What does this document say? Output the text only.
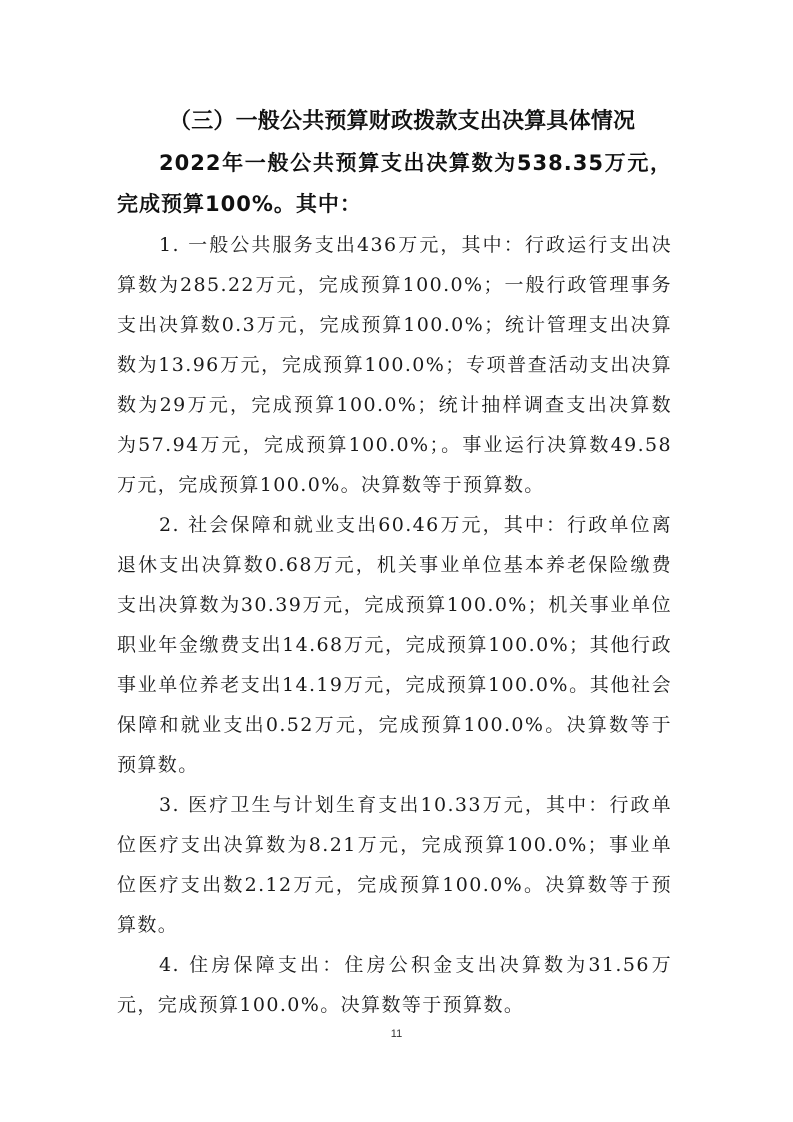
（三）一般公共预算财政拨款支出决算具体情况
2022年一般公共预算支出决算数为538.35万元，完成预算100%。其中：
1. 一般公共服务支出436万元，其中：行政运行支出决算数为285.22万元，完成预算100.0%；一般行政管理事务支出决算数0.3万元，完成预算100.0%；统计管理支出决算数为13.96万元，完成预算100.0%；专项普查活动支出决算数为29万元，完成预算100.0%；统计抽样调查支出决算数为57.94万元，完成预算100.0%；。事业运行决算数49.58万元，完成预算100.0%。决算数等于预算数。
2. 社会保障和就业支出60.46万元，其中：行政单位离退休支出决算数0.68万元，机关事业单位基本养老保险缴费支出决算数为30.39万元，完成预算100.0%；机关事业单位职业年金缴费支出14.68万元，完成预算100.0%；其他行政事业单位养老支出14.19万元，完成预算100.0%。其他社会保障和就业支出0.52万元，完成预算100.0%。决算数等于预算数。
3. 医疗卫生与计划生育支出10.33万元，其中：行政单位医疗支出决算数为8.21万元，完成预算100.0%；事业单位医疗支出数2.12万元，完成预算100.0%。决算数等于预算数。
4. 住房保障支出：住房公积金支出决算数为31.56万元，完成预算100.0%。决算数等于预算数。
11
